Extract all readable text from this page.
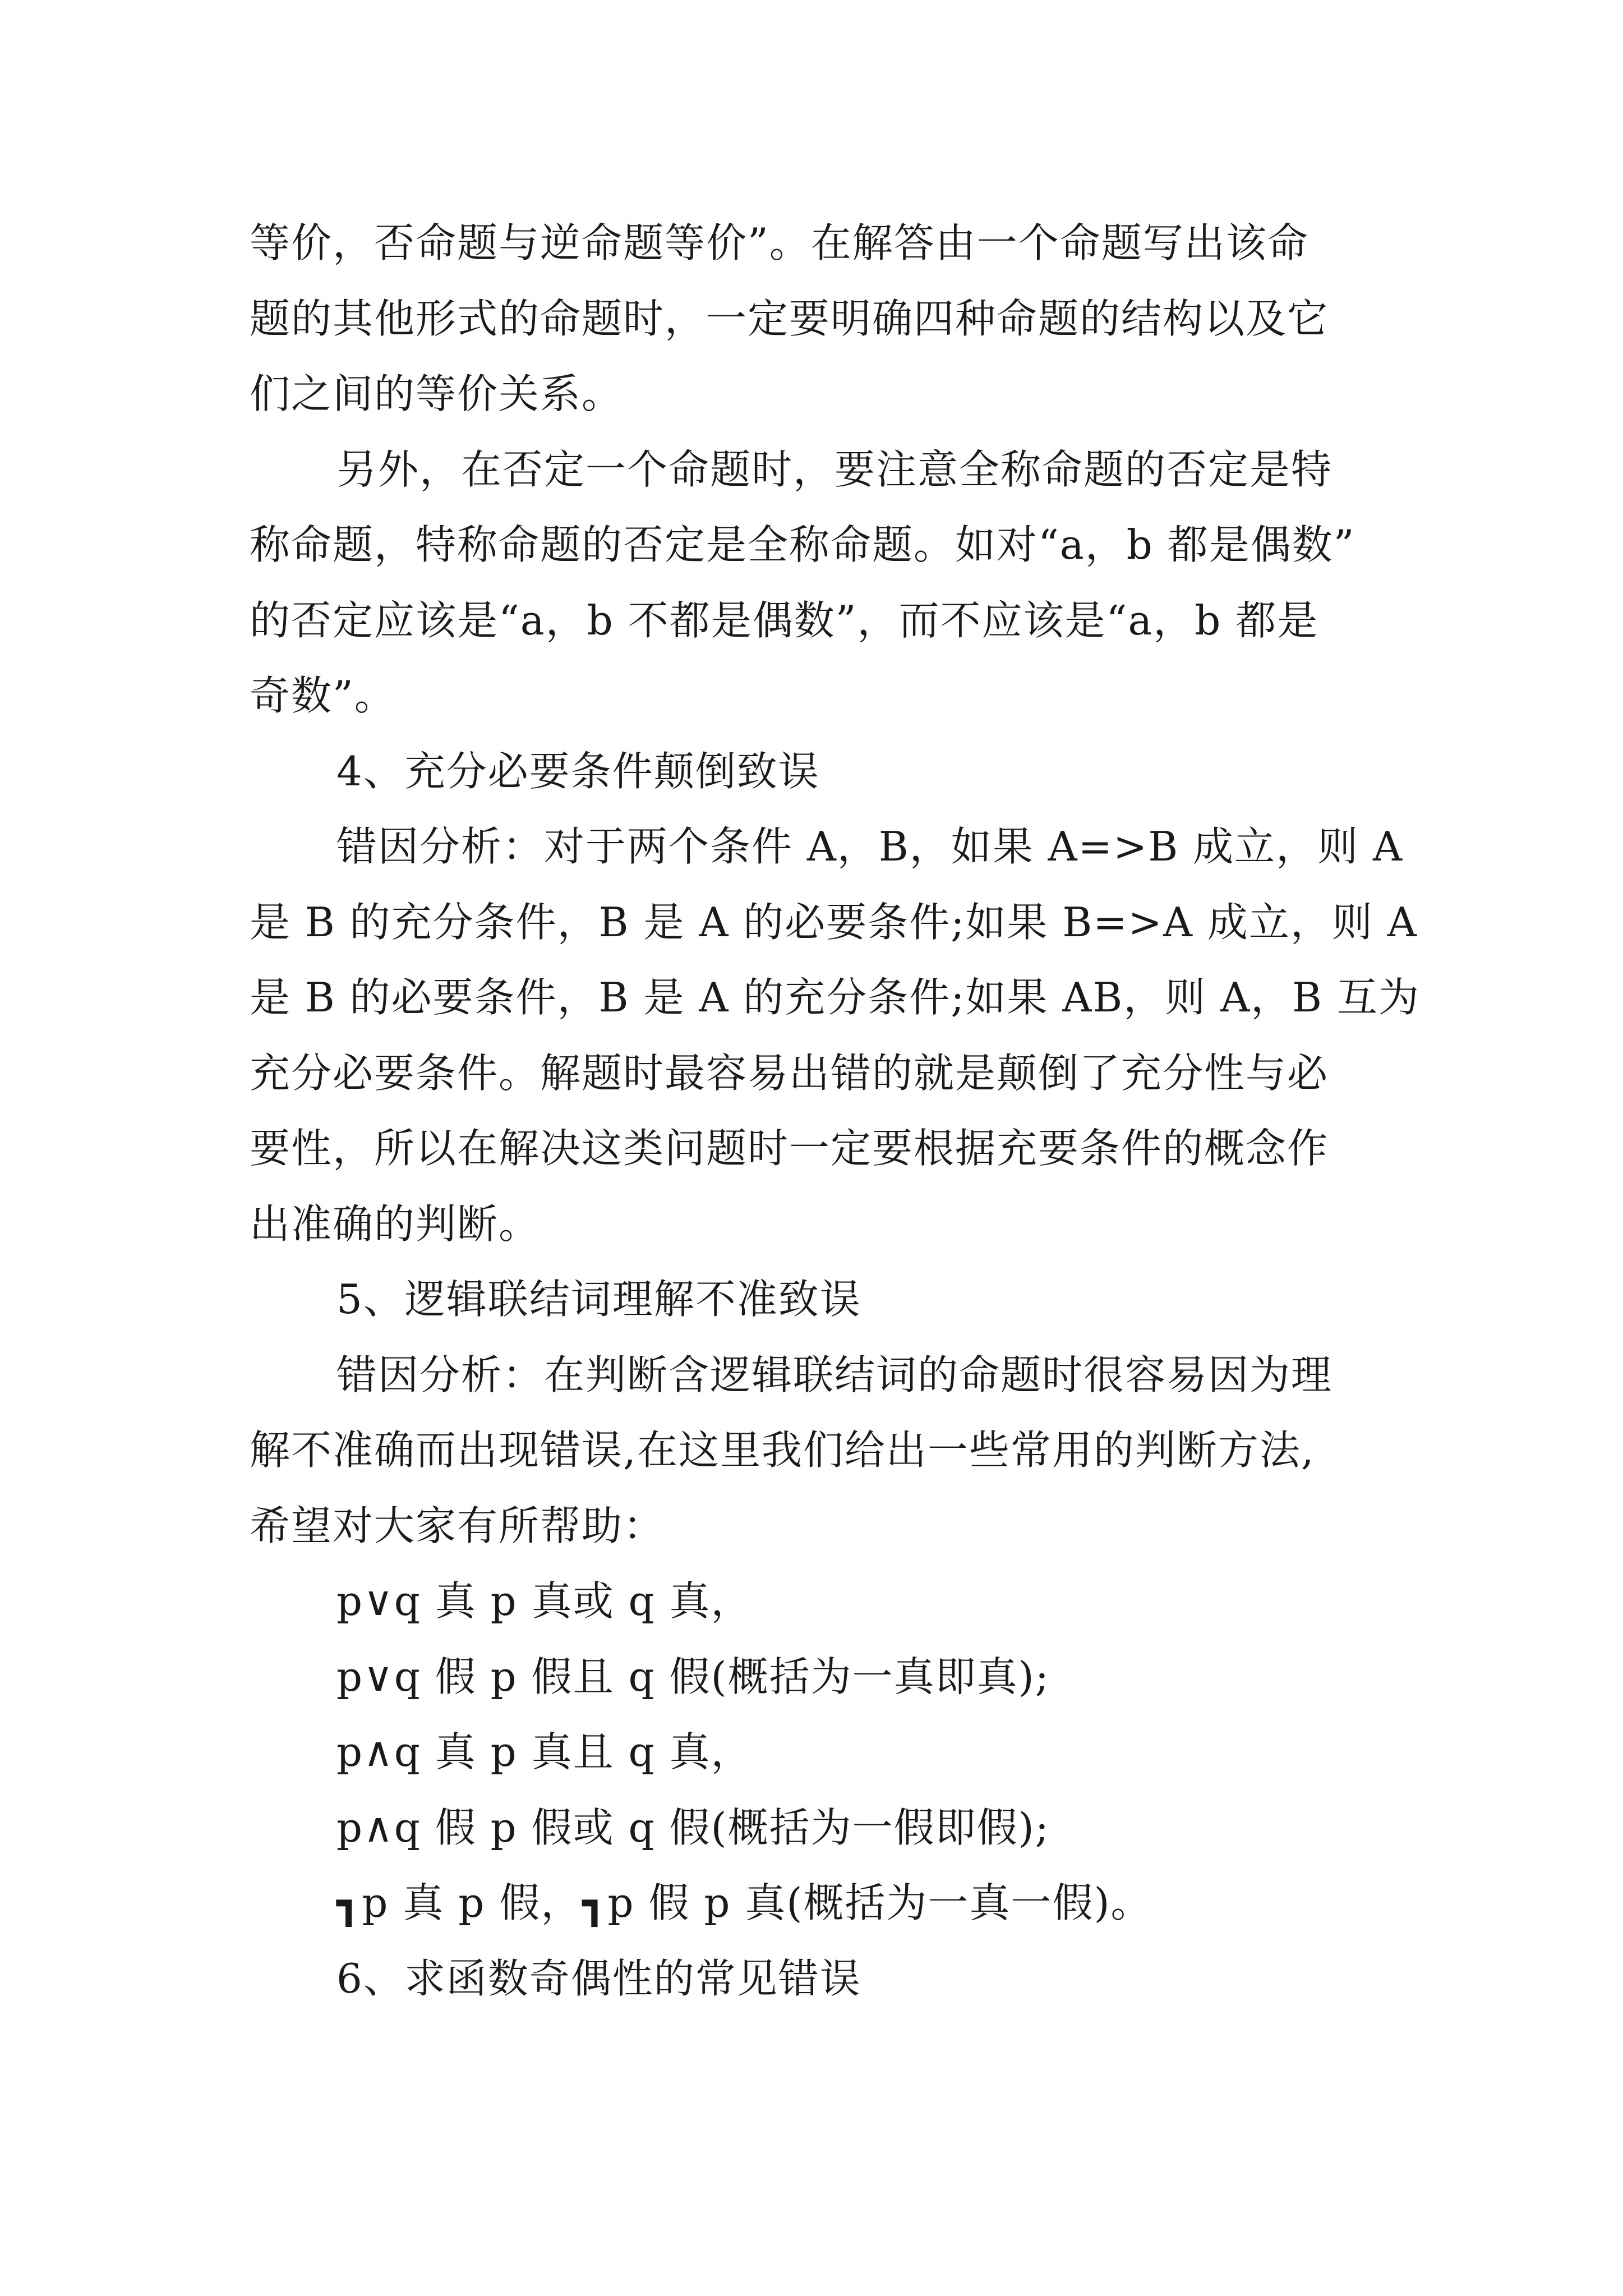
等价，否命题与逆命题等价”。在解答由一个命题写出该命
题的其他形式的命题时，一定要明确四种命题的结构以及它
们之间的等价关系。
另外，在否定一个命题时，要注意全称命题的否定是特
称命题，特称命题的否定是全称命题。如对“a，b 都是偶数”
的否定应该是“a，b 不都是偶数”，而不应该是“a，b 都是
奇数”。
4、充分必要条件颠倒致误
错因分析：对于两个条件 A，B，如果 A=>B 成立，则 A
是 B 的充分条件，B 是 A 的必要条件;如果 B=>A 成立，则 A
是 B 的必要条件，B 是 A 的充分条件;如果 AB，则 A，B 互为
充分必要条件。解题时最容易出错的就是颠倒了充分性与必
要性，所以在解决这类问题时一定要根据充要条件的概念作
出准确的判断。
5、逻辑联结词理解不准致误
错因分析：在判断含逻辑联结词的命题时很容易因为理
解不准确而出现错误,在这里我们给出一些常用的判断方法,
希望对大家有所帮助：
p∨q 真 p 真或 q 真，
p∨q 假 p 假且 q 假(概括为一真即真);
p∧q 真 p 真且 q 真，
p∧q 假 p 假或 q 假(概括为一假即假);
┓p 真 p 假，┓p 假 p 真(概括为一真一假)。
6、求函数奇偶性的常见错误
